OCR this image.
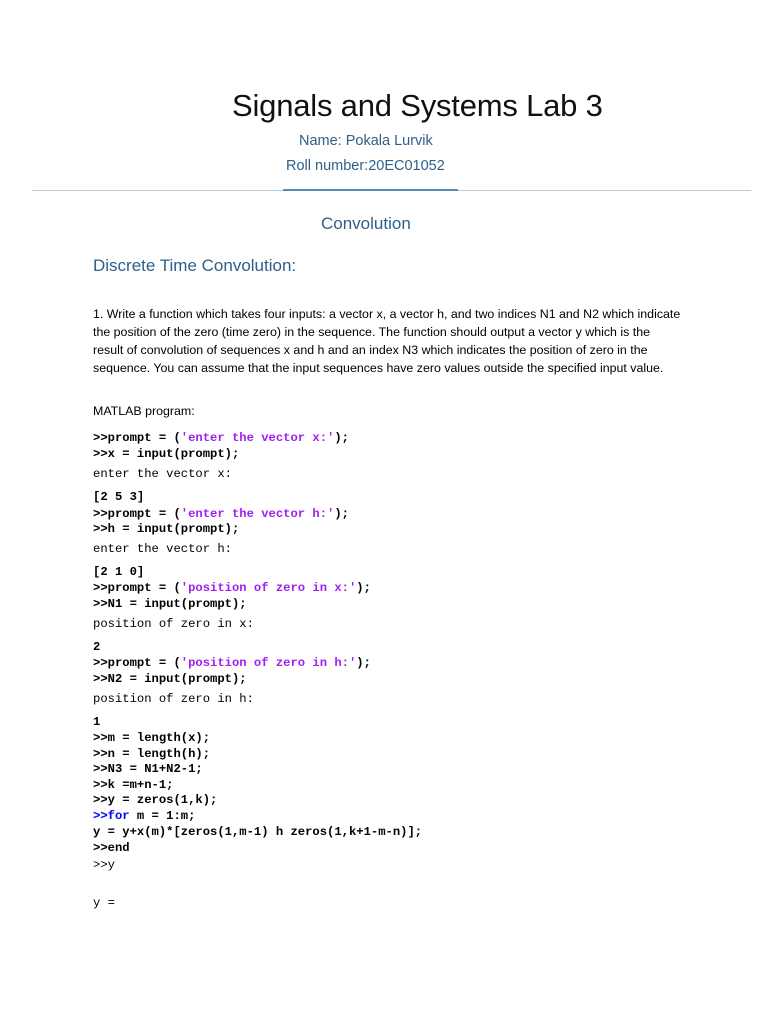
Signals and Systems Lab 3
Name: Pokala Lurvik
Roll number:20EC01052
Convolution
Discrete Time Convolution:
1. Write a function which takes four inputs: a vector x, a vector h, and two indices N1 and N2 which indicate the position of the zero (time zero) in the sequence. The function should output a vector y which is the result of convolution of sequences x and h and an index N3 which indicates the position of zero in the sequence. You can assume that the input sequences have zero values outside the specified input value.
MATLAB program:
>>prompt = ('enter the vector x:');
>>x = input(prompt);
enter the vector x:
[2 5 3]
>>prompt = ('enter the vector h:');
>>h = input(prompt);
enter the vector h:
[2 1 0]
>>prompt = ('position of zero in x:');
>>N1 = input(prompt);
position of zero in x:
2
>>prompt = ('position of zero in h:');
>>N2 = input(prompt);
position of zero in h:
1
>>m = length(x);
>>n = length(h);
>>N3 = N1+N2-1;
>>k =m+n-1;
>>y = zeros(1,k);
>>for m = 1:m;
y = y+x(m)*[zeros(1,m-1) h zeros(1,k+1-m-n)];
>>end
>>y
y =
